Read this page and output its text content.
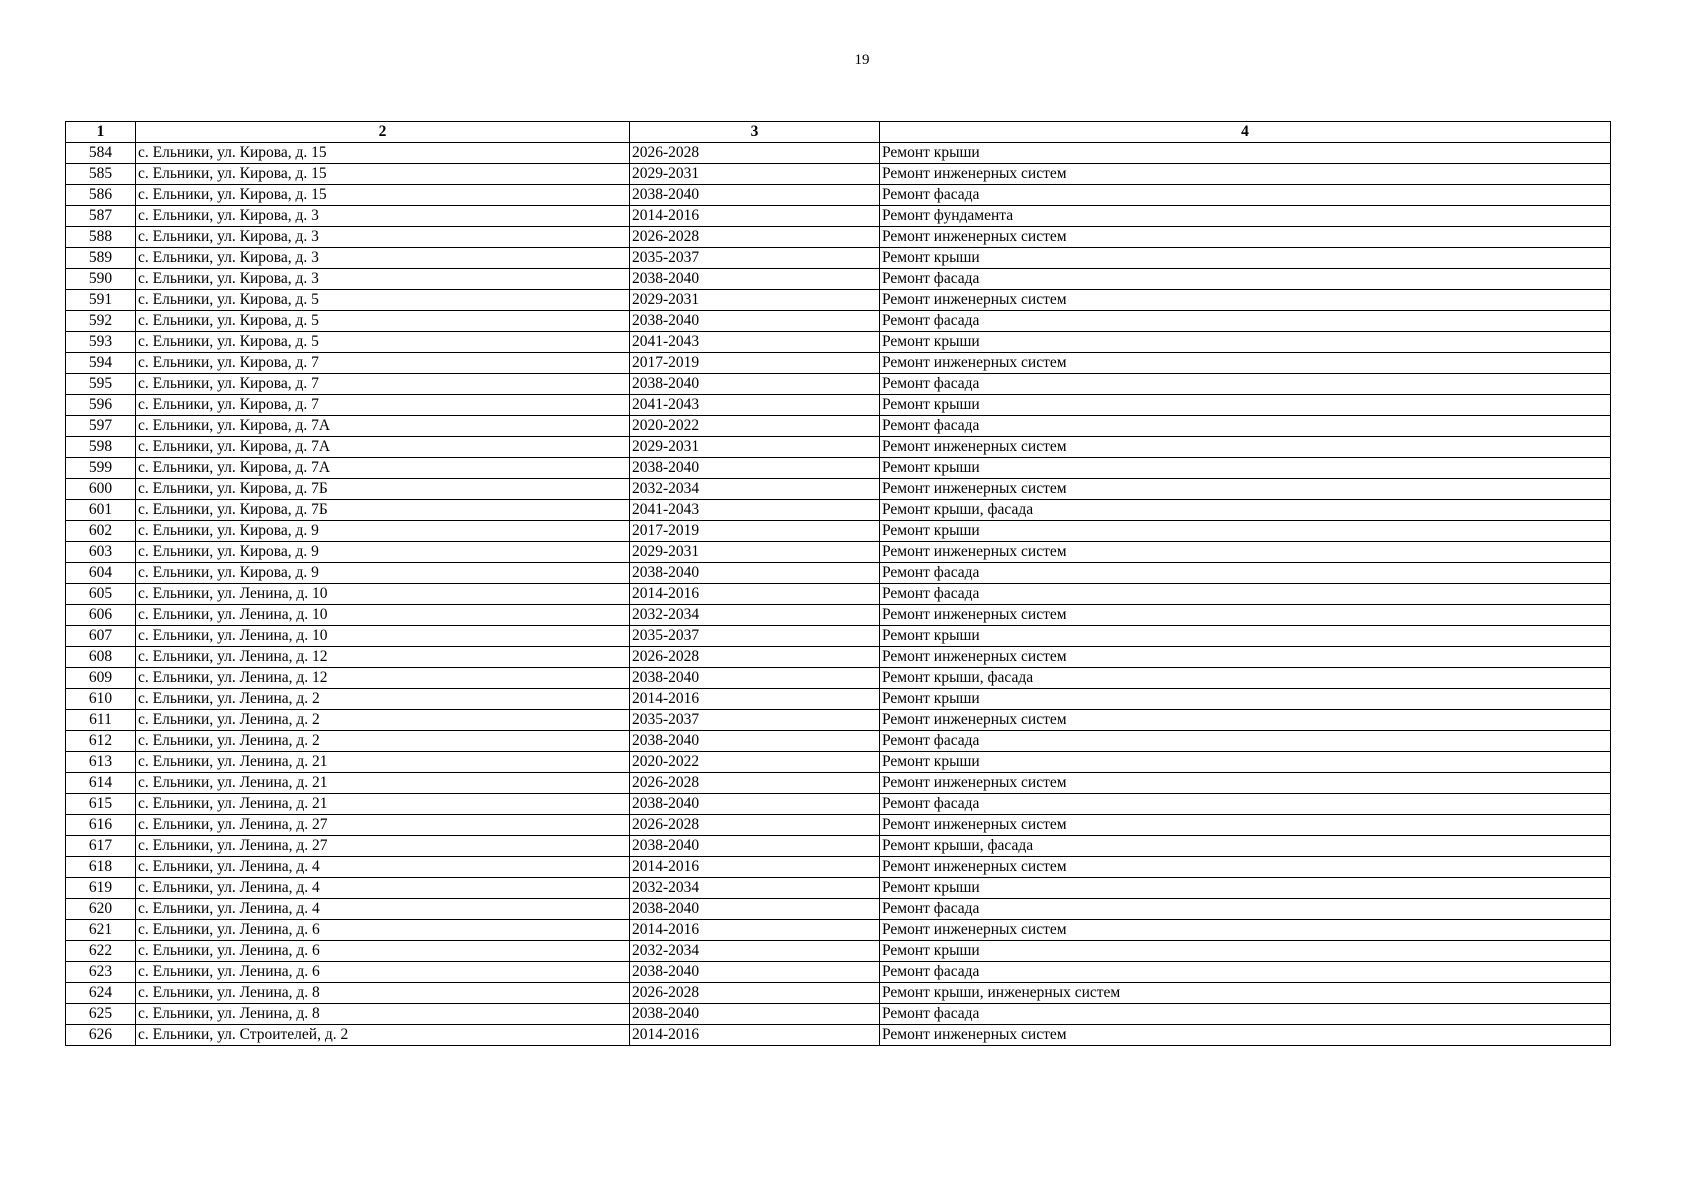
19
1	2	3	4
584	с. Ельники, ул. Кирова, д. 15	2026-2028	Ремонт крыши
585	с. Ельники, ул. Кирова, д. 15	2029-2031	Ремонт инженерных систем
586	с. Ельники, ул. Кирова, д. 15	2038-2040	Ремонт фасада
587	с. Ельники, ул. Кирова, д. 3	2014-2016	Ремонт фундамента
588	с. Ельники, ул. Кирова, д. 3	2026-2028	Ремонт инженерных систем
589	с. Ельники, ул. Кирова, д. 3	2035-2037	Ремонт крыши
590	с. Ельники, ул. Кирова, д. 3	2038-2040	Ремонт фасада
591	с. Ельники, ул. Кирова, д. 5	2029-2031	Ремонт инженерных систем
592	с. Ельники, ул. Кирова, д. 5	2038-2040	Ремонт фасада
593	с. Ельники, ул. Кирова, д. 5	2041-2043	Ремонт крыши
594	с. Ельники, ул. Кирова, д. 7	2017-2019	Ремонт инженерных систем
595	с. Ельники, ул. Кирова, д. 7	2038-2040	Ремонт фасада
596	с. Ельники, ул. Кирова, д. 7	2041-2043	Ремонт крыши
597	с. Ельники, ул. Кирова, д. 7А	2020-2022	Ремонт фасада
598	с. Ельники, ул. Кирова, д. 7А	2029-2031	Ремонт инженерных систем
599	с. Ельники, ул. Кирова, д. 7А	2038-2040	Ремонт крыши
600	с. Ельники, ул. Кирова, д. 7Б	2032-2034	Ремонт инженерных систем
601	с. Ельники, ул. Кирова, д. 7Б	2041-2043	Ремонт крыши, фасада
602	с. Ельники, ул. Кирова, д. 9	2017-2019	Ремонт крыши
603	с. Ельники, ул. Кирова, д. 9	2029-2031	Ремонт инженерных систем
604	с. Ельники, ул. Кирова, д. 9	2038-2040	Ремонт фасада
605	с. Ельники, ул. Ленина, д. 10	2014-2016	Ремонт фасада
606	с. Ельники, ул. Ленина, д. 10	2032-2034	Ремонт инженерных систем
607	с. Ельники, ул. Ленина, д. 10	2035-2037	Ремонт крыши
608	с. Ельники, ул. Ленина, д. 12	2026-2028	Ремонт инженерных систем
609	с. Ельники, ул. Ленина, д. 12	2038-2040	Ремонт крыши, фасада
610	с. Ельники, ул. Ленина, д. 2	2014-2016	Ремонт крыши
611	с. Ельники, ул. Ленина, д. 2	2035-2037	Ремонт инженерных систем
612	с. Ельники, ул. Ленина, д. 2	2038-2040	Ремонт фасада
613	с. Ельники, ул. Ленина, д. 21	2020-2022	Ремонт крыши
614	с. Ельники, ул. Ленина, д. 21	2026-2028	Ремонт инженерных систем
615	с. Ельники, ул. Ленина, д. 21	2038-2040	Ремонт фасада
616	с. Ельники, ул. Ленина, д. 27	2026-2028	Ремонт инженерных систем
617	с. Ельники, ул. Ленина, д. 27	2038-2040	Ремонт крыши, фасада
618	с. Ельники, ул. Ленина, д. 4	2014-2016	Ремонт инженерных систем
619	с. Ельники, ул. Ленина, д. 4	2032-2034	Ремонт крыши
620	с. Ельники, ул. Ленина, д. 4	2038-2040	Ремонт фасада
621	с. Ельники, ул. Ленина, д. 6	2014-2016	Ремонт инженерных систем
622	с. Ельники, ул. Ленина, д. 6	2032-2034	Ремонт крыши
623	с. Ельники, ул. Ленина, д. 6	2038-2040	Ремонт фасада
624	с. Ельники, ул. Ленина, д. 8	2026-2028	Ремонт крыши, инженерных систем
625	с. Ельники, ул. Ленина, д. 8	2038-2040	Ремонт фасада
626	с. Ельники, ул. Строителей, д. 2	2014-2016	Ремонт инженерных систем
